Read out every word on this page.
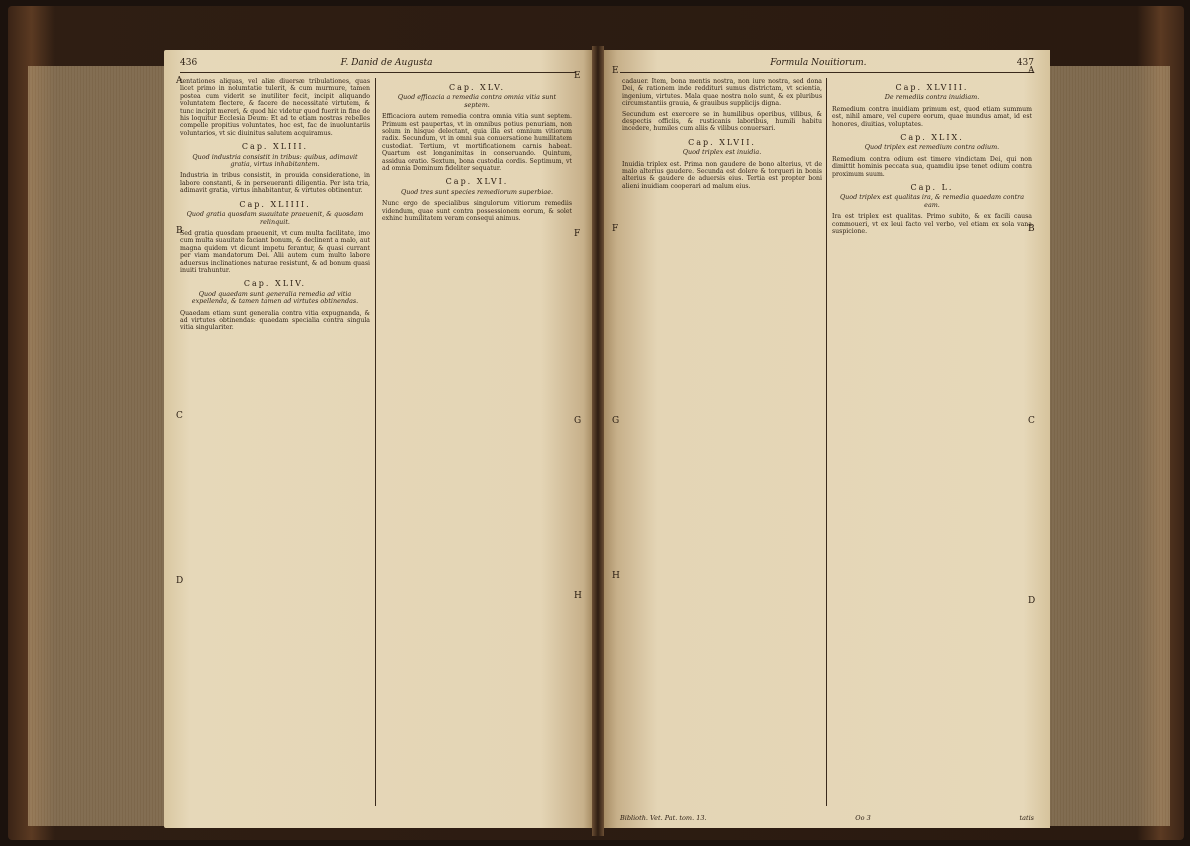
436	F. Danid de Augusta

tentationes aliquas, vel aliæ diuersæ tribulationes, quas licet primo in nolumtatie tulerit, & cum murmure, tamen postea cum viderit se inutiliter fecit, incipit aliquando voluntatem flectere, & facere de necessitate virtutem, & tunc incipit mereri, & quod hic videtur quod fuerit in fine de his loquitur Ecclesia Deum: Et ad te etiam nostras rebelles compelle propitius voluntates, hoc est, fac de inuoluntariis voluntarios, vt sic diuinitus salutem acquiramus.

Cap. XLIII.
Quod industria consistit in tribus: quibus, adimavit gratia, virtus inhabitantem.

Industria in tribus consistit, in prouida consideratione, in labore constanti, & in perseueranti diligentia. Per ista tria, adimavit gratia, virtus inhabitantur, & virtutes obtinentur.

Cap. XLIIII.
Quod gratia quosdam suauitate praeuenit, & quosdam relinquit.

Sed gratia quosdam praeuenit, vt cum multa facilitate, imo cum multa suauitate faciant bonum, & declinent a malo, aut magna quidem vt dicunt impetu ferantur, & quasi currant per viam mandatorum Dei. Alii autem cum multo labore aduersus inclinationes naturae resistunt, & ad bonum quasi inuiti trahuntur.

Cap. XLIV.
Quod quaedam sunt generalia remedia ad vitia expellenda, & tamen tamen ad virtutes obtinendas.

Quaedam etiam sunt generalia contra vitia expugnanda, & ad virtutes obtinendas: quaedam specialia contra singula vitia singulariter.

Cap. XLV.
Quod efficacia a remedia contra omnia vitia sunt septem.

Efficaciora autem remedia contra omnia vitia sunt septem. Primum est paupertas, vt in omnibus potius penuriam, non solum in hisque delectant, quia illa est omnium vitiorum radix. Secundum, vt in omni sua conuersatione humilitatem custodiat. Tertium, vt mortificationem carnis habeat. Quartum est longanimitas in conseruando. Quintum, assidua oratio. Sextum, bona custodia cordis. Septimum, vt ad omnia Dominum fideliter sequatur.

Cap. XLVI.
Quod tres sunt species remediorum superbiae.

Nunc ergo de specialibus singulorum vitiorum remediis videndum, quae sunt contra possessionem eorum, & solet exhinc humilitatem veram consequi animus.

A
B
C
D
E
F
G
H
Formula Nouitiorum.	437

cadauer. Item, bona mentis nostra, non iure nostra, sed dona Dei, & rationem inde reddituri sumus districtam, vt scientia, ingenium, virtutes. Mala quae nostra nolo sunt, & ex pluribus circumstantiis grauia, & grauibus supplicijs digna.

Secundum est exercere se in humilibus operibus, vilibus, & despectis officiis, & rusticanis laboribus, humili habitu incedere, humiles cum aliis & vilibus conuersari.

Cap. XLVII.
Quod triplex est inuidia.

Inuidia triplex est. Prima non gaudere de bono alterius, vt de malo alterius gaudere. Secunda est dolere & torqueri in bonis alterius & gaudere de aduersis eius. Tertia est propter boni alieni inuidiam cooperari ad malum eius.

Cap. XLVIII.
De remediis contra inuidiam.

Remedium contra inuidiam primum est, quod etiam summum est, nihil amare, vel cupere eorum, quae mundus amat, id est honores, diuitias, voluptates.

Cap. XLIX.
Quod triplex est remedium contra odium.

Remedium contra odium est timere vindictam Dei, qui non dimittit hominis peccata sua, quamdiu ipse tenet odium contra proximum suum.

Cap. L.
Quod triplex est qualitas ira, & remedia quaedam contra eam.

Ira est triplex est qualitas. Primo subito, & ex facili causa commoueri, vt ex leui facto vel verbo, vel etiam ex sola vana suspicione.

Biblioth. Vet. Pat. tom. 13.	Oo 3	tatis
E
F
G
H
A
B
C
D
